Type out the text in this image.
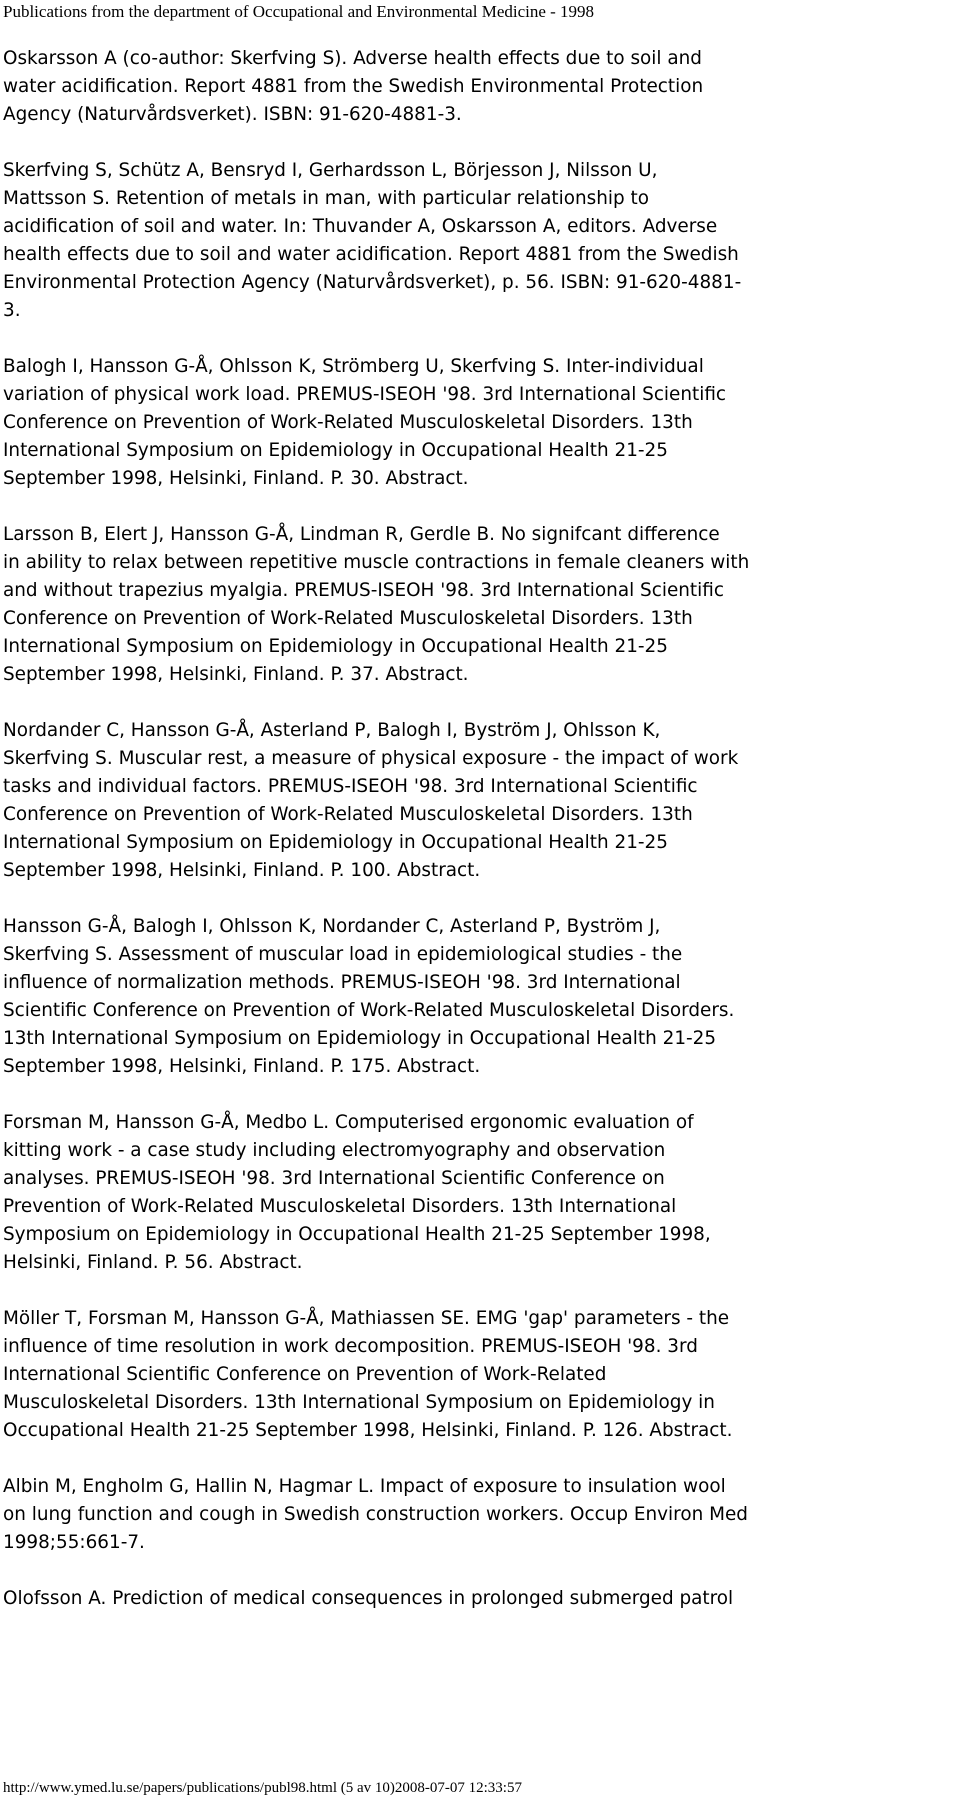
Publications from the department of Occupational and Environmental Medicine - 1998

Oskarsson A (co-author: Skerfving S). Adverse health effects due to soil and
water acidification. Report 4881 from the Swedish Environmental Protection
Agency (Naturvårdsverket). ISBN: 91-620-4881-3.

Skerfving S, Schütz A, Bensryd I, Gerhardsson L, Börjesson J, Nilsson U,
Mattsson S. Retention of metals in man, with particular relationship to
acidification of soil and water. In: Thuvander A, Oskarsson A, editors. Adverse
health effects due to soil and water acidification. Report 4881 from the Swedish
Environmental Protection Agency (Naturvårdsverket), p. 56. ISBN: 91-620-4881-
3.

Balogh I, Hansson G-Å, Ohlsson K, Strömberg U, Skerfving S. Inter-individual
variation of physical work load. PREMUS-ISEOH '98. 3rd International Scientific
Conference on Prevention of Work-Related Musculoskeletal Disorders. 13th
International Symposium on Epidemiology in Occupational Health 21-25
September 1998, Helsinki, Finland. P. 30. Abstract.

Larsson B, Elert J, Hansson G-Å, Lindman R, Gerdle B. No signifcant difference
in ability to relax between repetitive muscle contractions in female cleaners with
and without trapezius myalgia. PREMUS-ISEOH '98. 3rd International Scientific
Conference on Prevention of Work-Related Musculoskeletal Disorders. 13th
International Symposium on Epidemiology in Occupational Health 21-25
September 1998, Helsinki, Finland. P. 37. Abstract.

Nordander C, Hansson G-Å, Asterland P, Balogh I, Byström J, Ohlsson K,
Skerfving S. Muscular rest, a measure of physical exposure - the impact of work
tasks and individual factors. PREMUS-ISEOH '98. 3rd International Scientific
Conference on Prevention of Work-Related Musculoskeletal Disorders. 13th
International Symposium on Epidemiology in Occupational Health 21-25
September 1998, Helsinki, Finland. P. 100. Abstract.

Hansson G-Å, Balogh I, Ohlsson K, Nordander C, Asterland P, Byström J,
Skerfving S. Assessment of muscular load in epidemiological studies - the
influence of normalization methods. PREMUS-ISEOH '98. 3rd International
Scientific Conference on Prevention of Work-Related Musculoskeletal Disorders.
13th International Symposium on Epidemiology in Occupational Health 21-25
September 1998, Helsinki, Finland. P. 175. Abstract.

Forsman M, Hansson G-Å, Medbo L. Computerised ergonomic evaluation of
kitting work - a case study including electromyography and observation
analyses. PREMUS-ISEOH '98. 3rd International Scientific Conference on
Prevention of Work-Related Musculoskeletal Disorders. 13th International
Symposium on Epidemiology in Occupational Health 21-25 September 1998,
Helsinki, Finland. P. 56. Abstract.

Möller T, Forsman M, Hansson G-Å, Mathiassen SE. EMG 'gap' parameters - the
influence of time resolution in work decomposition. PREMUS-ISEOH '98. 3rd
International Scientific Conference on Prevention of Work-Related
Musculoskeletal Disorders. 13th International Symposium on Epidemiology in
Occupational Health 21-25 September 1998, Helsinki, Finland. P. 126. Abstract.

Albin M, Engholm G, Hallin N, Hagmar L. Impact of exposure to insulation wool
on lung function and cough in Swedish construction workers. Occup Environ Med
1998;55:661-7.

Olofsson A. Prediction of medical consequences in prolonged submerged patrol

http://www.ymed.lu.se/papers/publications/publ98.html (5 av 10)2008-07-07 12:33:57
